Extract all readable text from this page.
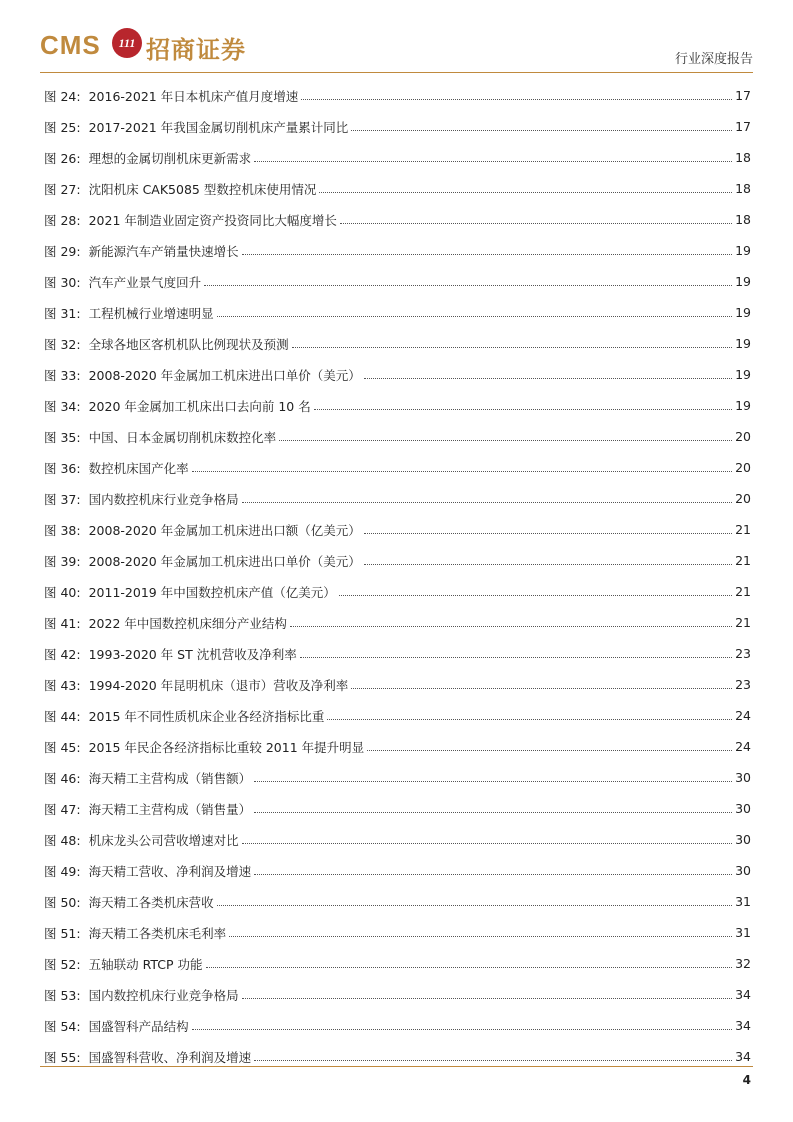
CMS	111 招商证券	行业深度报告
图 24: 2016-2021 年日本机床产值月度增速	17
图 25: 2017-2021 年我国金属切削机床产量累计同比	17
图 26: 理想的金属切削机床更新需求	18
图 27: 沈阳机床 CAK5085 型数控机床使用情况	18
图 28: 2021 年制造业固定资产投资同比大幅度增长	18
图 29: 新能源汽车产销量快速增长	19
图 30: 汽车产业景气度回升	19
图 31: 工程机械行业增速明显	19
图 32: 全球各地区客机机队比例现状及预测	19
图 33: 2008-2020 年金属加工机床进出口单价（美元）	19
图 34: 2020 年金属加工机床出口去向前 10 名	19
图 35: 中国、日本金属切削机床数控化率	20
图 36: 数控机床国产化率	20
图 37: 国内数控机床行业竞争格局	20
图 38: 2008-2020 年金属加工机床进出口额（亿美元）	21
图 39: 2008-2020 年金属加工机床进出口单价（美元）	21
图 40: 2011-2019 年中国数控机床产值（亿美元）	21
图 41: 2022 年中国数控机床细分产业结构	21
图 42: 1993-2020 年 ST 沈机营收及净利率	23
图 43: 1994-2020 年昆明机床（退市）营收及净利率	23
图 44: 2015 年不同性质机床企业各经济指标比重	24
图 45: 2015 年民企各经济指标比重较 2011 年提升明显	24
图 46: 海天精工主营构成（销售额）	30
图 47: 海天精工主营构成（销售量）	30
图 48: 机床龙头公司营收增速对比	30
图 49: 海天精工营收、净利润及增速	30
图 50: 海天精工各类机床营收	31
图 51: 海天精工各类机床毛利率	31
图 52: 五轴联动 RTCP 功能	32
图 53: 国内数控机床行业竞争格局	34
图 54: 国盛智科产品结构	34
图 55: 国盛智科营收、净利润及增速	34
4
